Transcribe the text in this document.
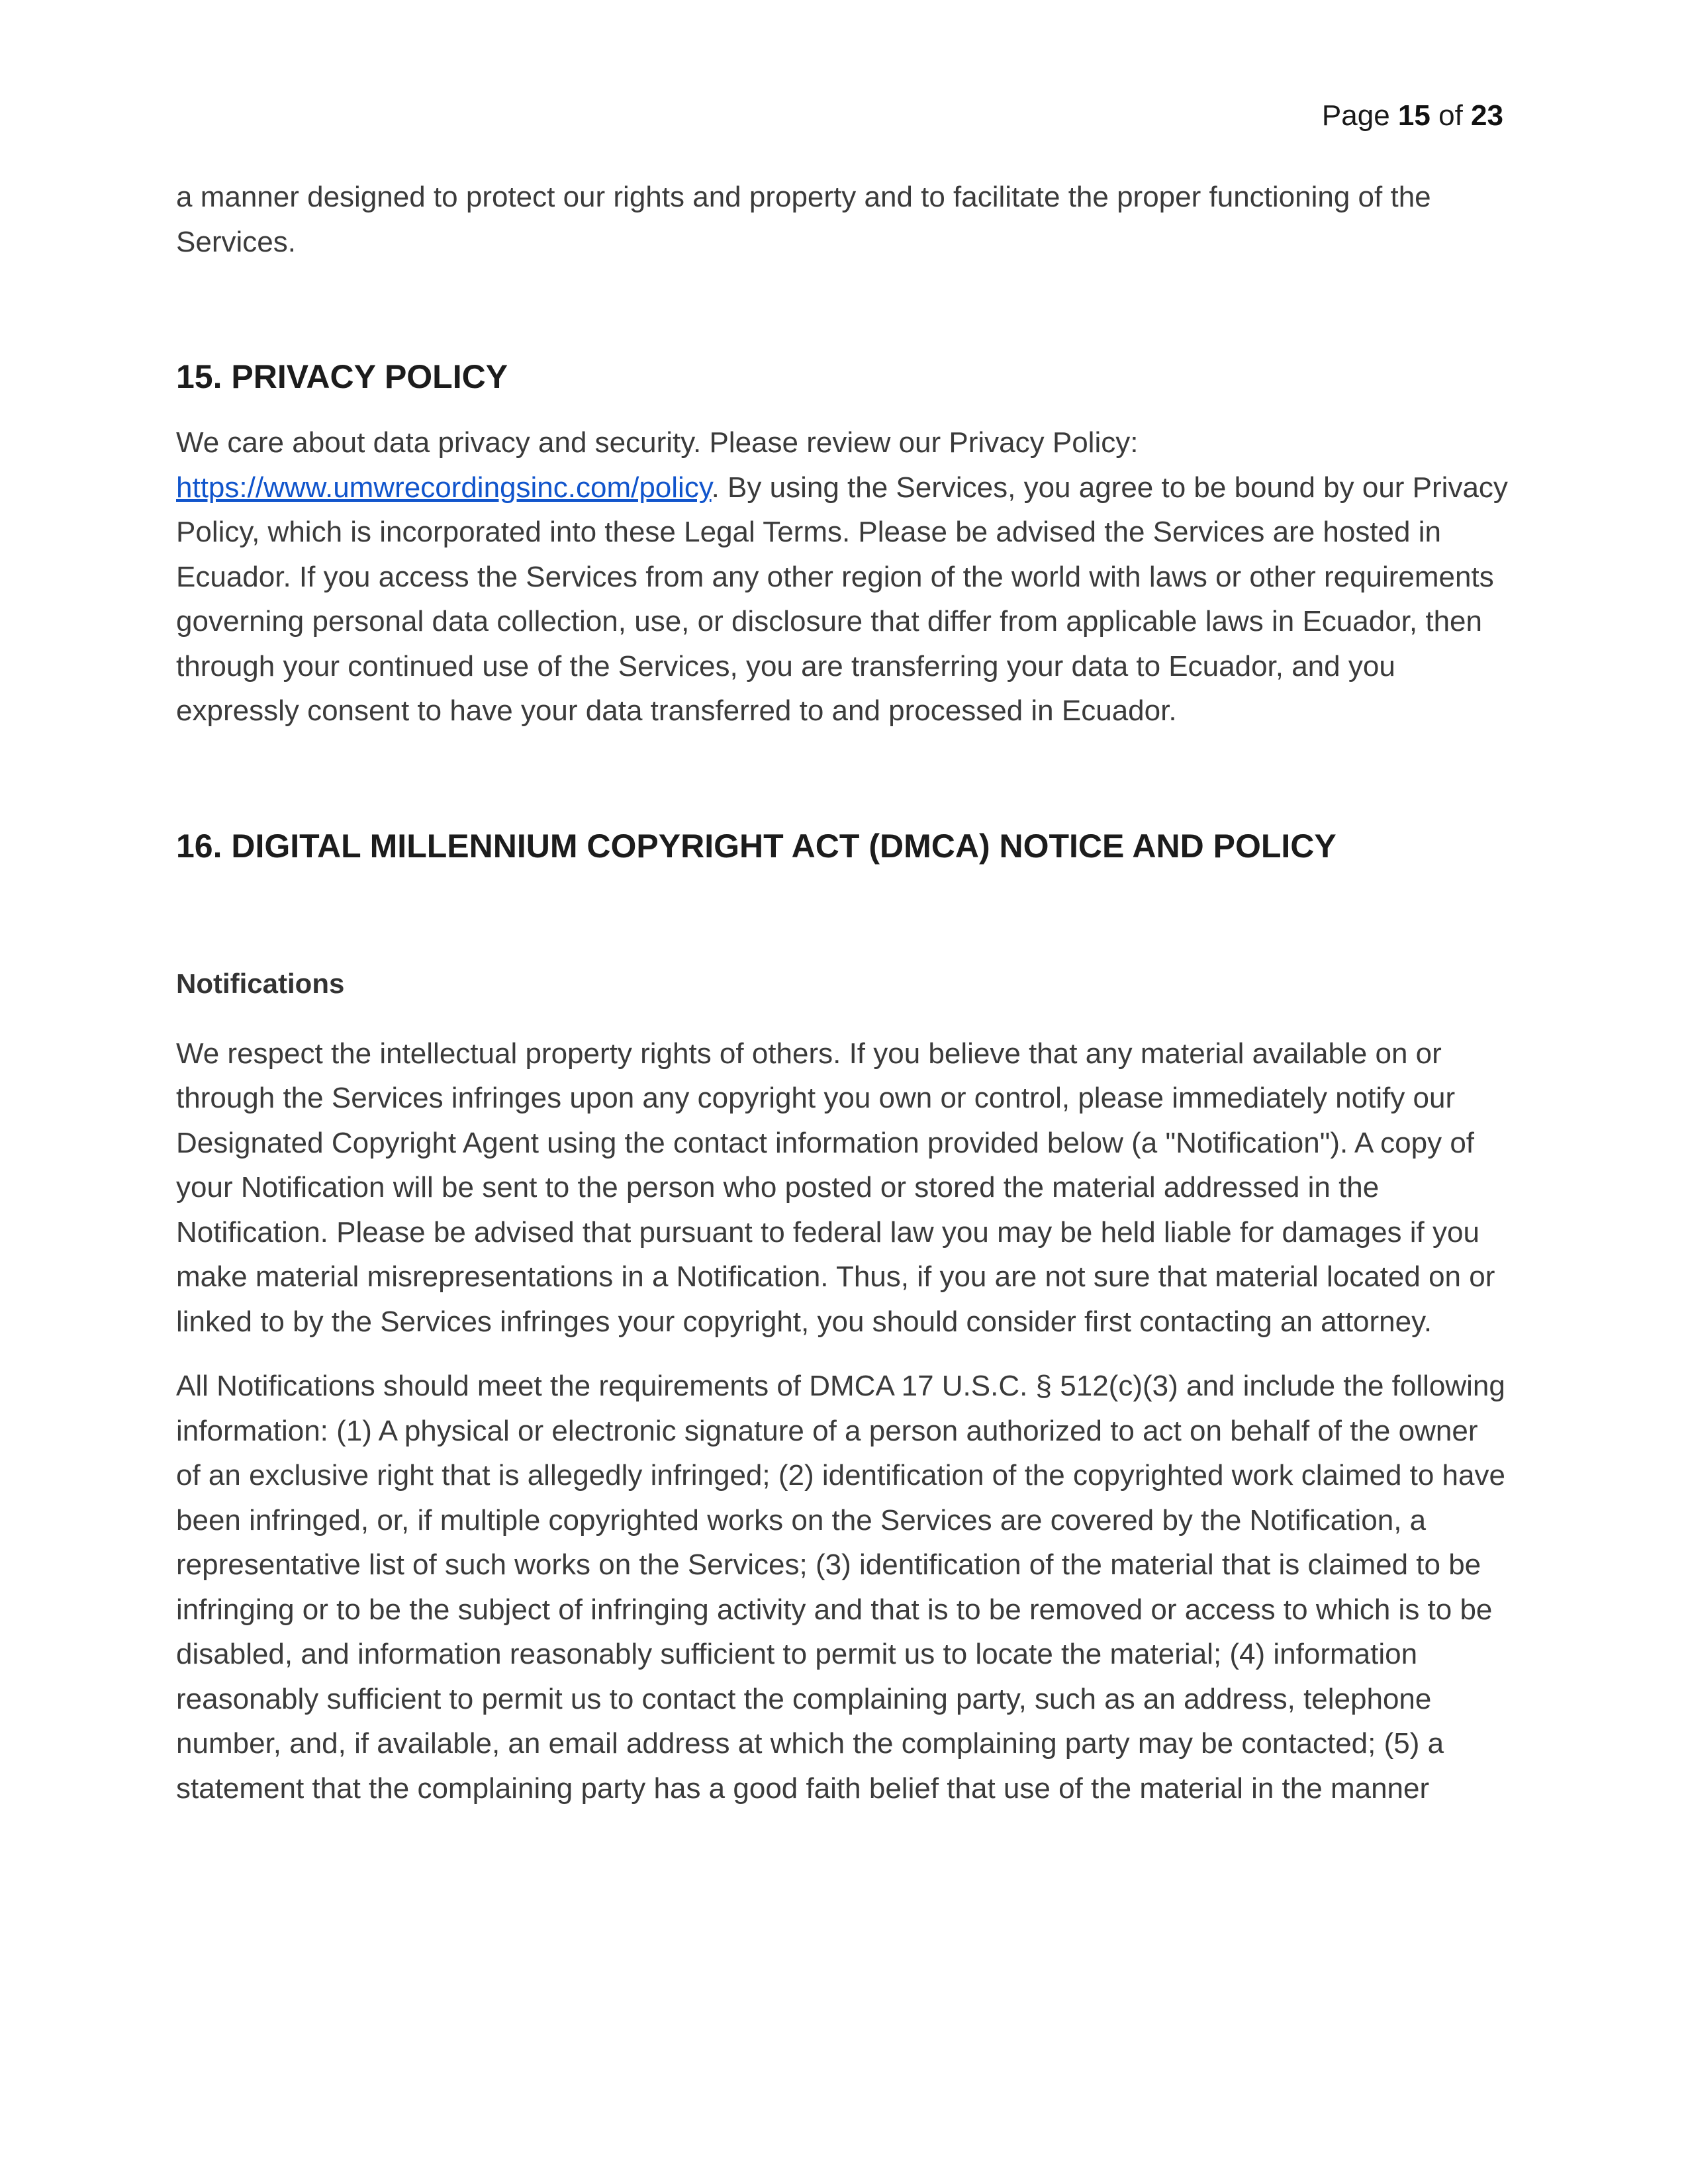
Page 15 of 23

a manner designed to protect our rights and property and to facilitate the proper functioning of the Services.

15. PRIVACY POLICY

We care about data privacy and security. Please review our Privacy Policy: https://www.umwrecordingsinc.com/policy. By using the Services, you agree to be bound by our Privacy Policy, which is incorporated into these Legal Terms. Please be advised the Services are hosted in Ecuador. If you access the Services from any other region of the world with laws or other requirements governing personal data collection, use, or disclosure that differ from applicable laws in Ecuador, then through your continued use of the Services, you are transferring your data to Ecuador, and you expressly consent to have your data transferred to and processed in Ecuador.

16. DIGITAL MILLENNIUM COPYRIGHT ACT (DMCA) NOTICE AND POLICY
Notifications

We respect the intellectual property rights of others. If you believe that any material available on or through the Services infringes upon any copyright you own or control, please immediately notify our Designated Copyright Agent using the contact information provided below (a "Notification"). A copy of your Notification will be sent to the person who posted or stored the material addressed in the Notification. Please be advised that pursuant to federal law you may be held liable for damages if you make material misrepresentations in a Notification. Thus, if you are not sure that material located on or linked to by the Services infringes your copyright, you should consider first contacting an attorney.

All Notifications should meet the requirements of DMCA 17 U.S.C. § 512(c)(3) and include the following information: (1) A physical or electronic signature of a person authorized to act on behalf of the owner of an exclusive right that is allegedly infringed; (2) identification of the copyrighted work claimed to have been infringed, or, if multiple copyrighted works on the Services are covered by the Notification, a representative list of such works on the Services; (3) identification of the material that is claimed to be infringing or to be the subject of infringing activity and that is to be removed or access to which is to be disabled, and information reasonably sufficient to permit us to locate the material; (4) information reasonably sufficient to permit us to contact the complaining party, such as an address, telephone number, and, if available, an email address at which the complaining party may be contacted; (5) a statement that the complaining party has a good faith belief that use of the material in the manner
